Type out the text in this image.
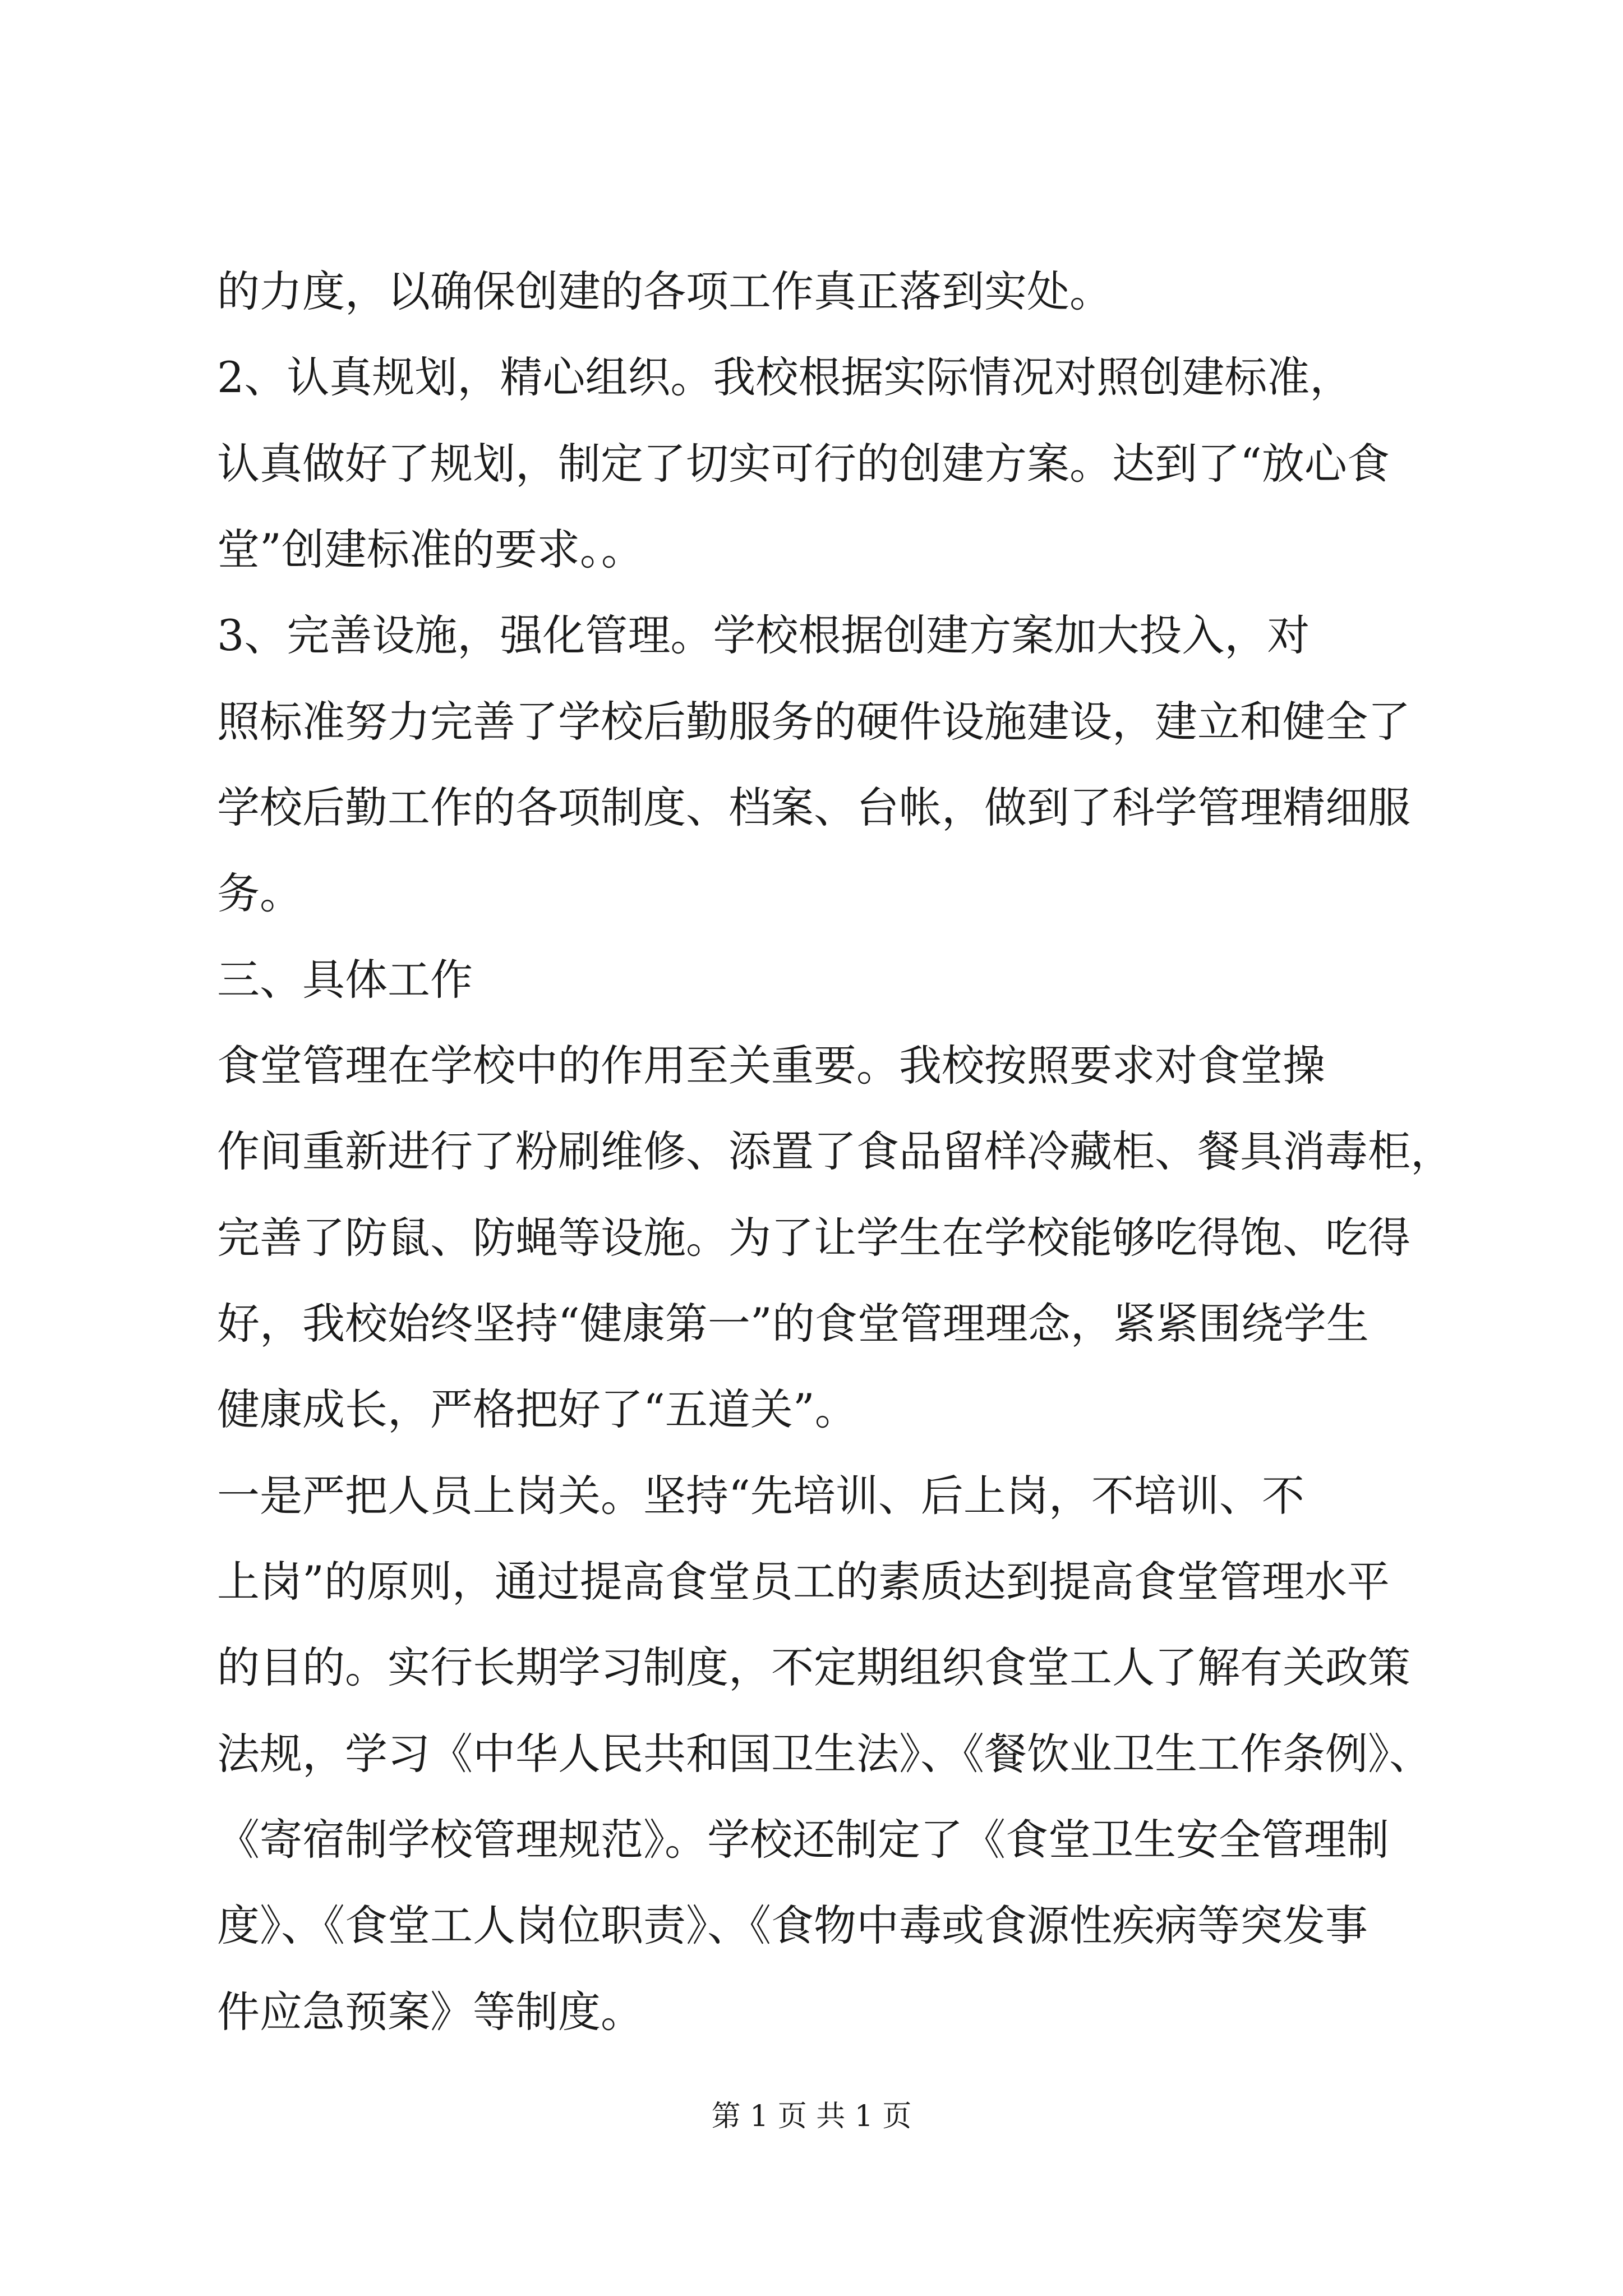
的力度，以确保创建的各项工作真正落到实处。
2、认真规划，精心组织。我校根据实际情况对照创建标准，
认真做好了规划，制定了切实可行的创建方案。达到了“放心食
堂”创建标准的要求。。
3、完善设施，强化管理。学校根据创建方案加大投入，对
照标准努力完善了学校后勤服务的硬件设施建设，建立和健全了
学校后勤工作的各项制度、档案、台帐，做到了科学管理精细服
务。
三、具体工作
食堂管理在学校中的作用至关重要。我校按照要求对食堂操
作间重新进行了粉刷维修、添置了食品留样冷藏柜、餐具消毒柜，
完善了防鼠、防蝇等设施。为了让学生在学校能够吃得饱、吃得
好，我校始终坚持“健康第一”的食堂管理理念，紧紧围绕学生
健康成长，严格把好了“五道关”。
一是严把人员上岗关。坚持“先培训、后上岗，不培训、不
上岗”的原则，通过提高食堂员工的素质达到提高食堂管理水平
的目的。实行长期学习制度，不定期组织食堂工人了解有关政策
法规，学习《中华人民共和国卫生法》、《餐饮业卫生工作条例》、
《寄宿制学校管理规范》。学校还制定了《食堂卫生安全管理制
度》、《食堂工人岗位职责》、《食物中毒或食源性疾病等突发事
件应急预案》等制度。
第 1 页 共 1 页
